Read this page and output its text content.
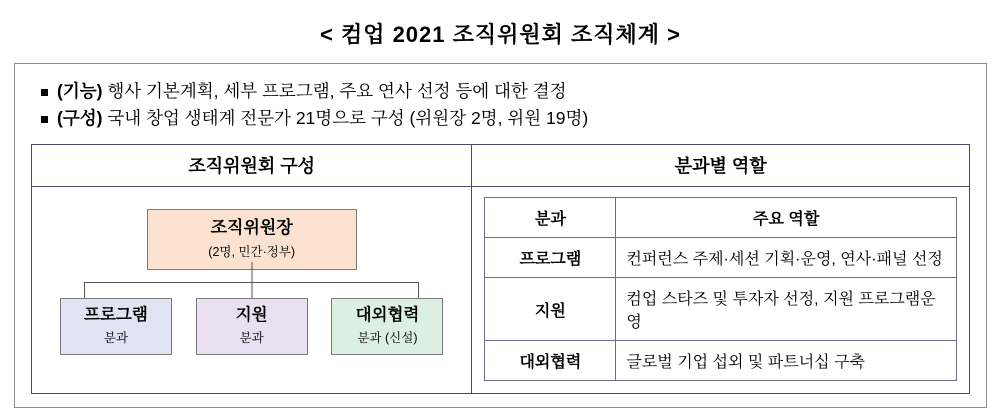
< 컴업 2021 조직위원회 조직체계 >
(기능) 행사 기본계획, 세부 프로그램, 주요 연사 선정 등에 대한 결정
(구성) 국내 창업 생태계 전문가 21명으로 구성 (위원장 2명, 위원 19명)
조직위원회 구성
조직위원장
(2명, 민간·정부)
프로그램
분과
지원
분과
대외협력
분과 (신설)
분과별 역할
분과	주요 역할
프로그램	컨퍼런스 주제·세션 기획·운영, 연사·패널 선정
지원	컴업 스타즈 및 투자자 선정, 지원 프로그램운영
대외협력	글로벌 기업 섭외 및 파트너십 구축
